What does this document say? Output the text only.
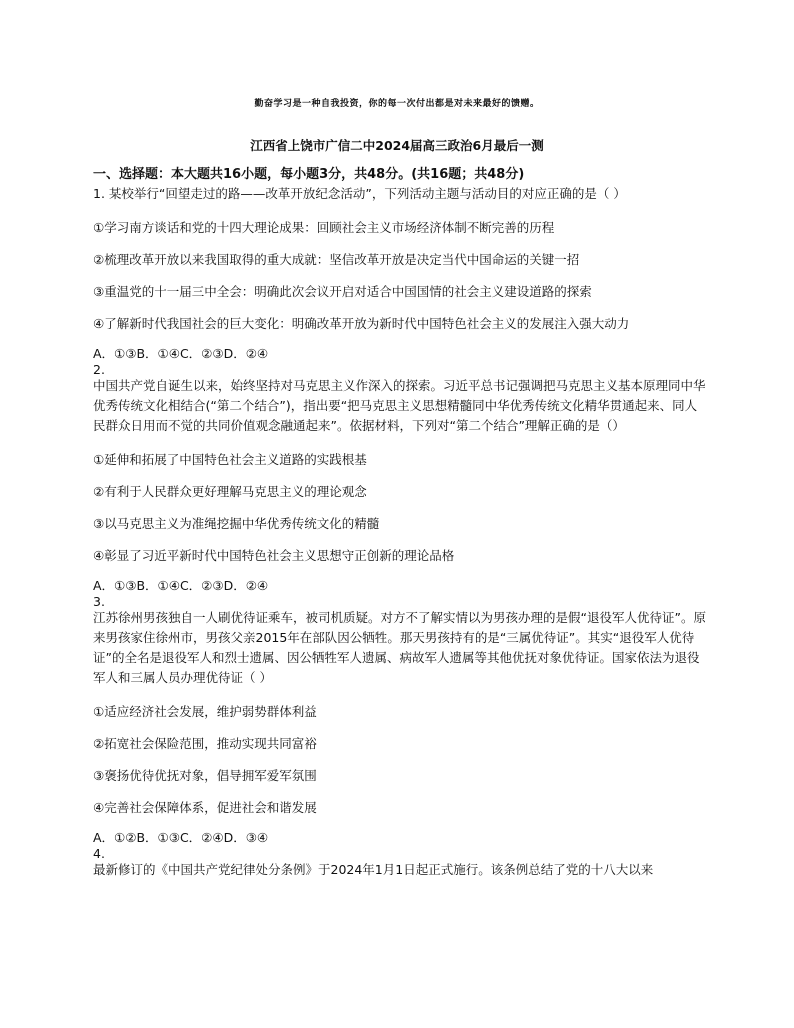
勤奋学习是一种自我投资，你的每一次付出都是对未来最好的馈赠。
江西省上饶市广信二中2024届高三政治6月最后一测

一、选择题：本大题共16小题，每小题3分，共48分。(共16题；共48分)

1. 某校举行“回望走过的路——改革开放纪念活动”，下列活动主题与活动目的对应正确的是（ ）

①学习南方谈话和党的十四大理论成果：回顾社会主义市场经济体制不断完善的历程

②梳理改革开放以来我国取得的重大成就：坚信改革开放是决定当代中国命运的关键一招

③重温党的十一届三中全会：明确此次会议开启对适合中国国情的社会主义建设道路的探索

④了解新时代我国社会的巨大变化：明确改革开放为新时代中国特色社会主义的发展注入强大动力

A．①③B．①④C．②③D．②④

2.

中国共产党自诞生以来，始终坚持对马克思主义作深入的探索。习近平总书记强调把马克思主义基本原理同中华优秀传统文化相结合(“第二个结合”)，指出要“把马克思主义思想精髓同中华优秀传统文化精华贯通起来、同人民群众日用而不觉的共同价值观念融通起来”。依据材料，下列对“第二个结合”理解正确的是（）

①延伸和拓展了中国特色社会主义道路的实践根基

②有利于人民群众更好理解马克思主义的理论观念

③以马克思主义为准绳挖掘中华优秀传统文化的精髓

④彰显了习近平新时代中国特色社会主义思想守正创新的理论品格

A．①③B．①④C．②③D．②④

3.

江苏徐州男孩独自一人刷优待证乘车，被司机质疑。对方不了解实情以为男孩办理的是假“退役军人优待证”。原来男孩家住徐州市，男孩父亲2015年在部队因公牺牲。那天男孩持有的是“三属优待证”。其实“退役军人优待证”的全名是退役军人和烈士遗属、因公牺牲军人遗属、病故军人遗属等其他优抚对象优待证。国家依法为退役军人和三属人员办理优待证（ ）

①适应经济社会发展，维护弱势群体利益

②拓宽社会保险范围，推动实现共同富裕

③褒扬优待优抚对象，倡导拥军爱军氛围

④完善社会保障体系，促进社会和谐发展

A．①②B．①③C．②④D．③④

4.

最新修订的《中国共产党纪律处分条例》于2024年1月1日起正式施行。该条例总结了党的十八大以来
